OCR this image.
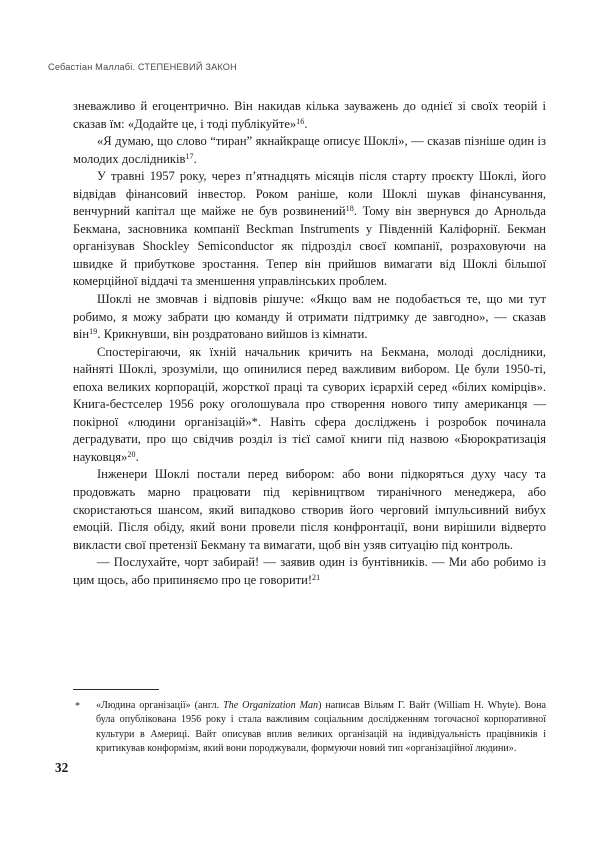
Себастіан Маллабі. СТЕПЕНЕВИЙ ЗАКОН

зневажливо й егоцентрично. Він накидав кілька зауважень до однієї зі своїх теорій і сказав їм: «Додайте це, і тоді публікуйте»$^{16}$.

«Я думаю, що слово “тиран” якнайкраще описує Шоклі», — сказав пізніше один із молодих дослідників$^{17}$.

У травні 1957 року, через п’ятнадцять місяців після старту проєкту Шоклі, його відвідав фінансовий інвестор. Роком раніше, коли Шоклі шукав фінансування, венчурний капітал ще майже не був розвинений$^{18}$. Тому він звернувся до Арнольда Бекмана, засновника компанії Beckman Instruments у Південній Каліфорнії. Бекман організував Shockley Semiconductor як підрозділ своєї компанії, розраховуючи на швидке й прибуткове зростання. Тепер він прийшов вимагати від Шоклі більшої комерційної віддачі та зменшення управлінських проблем.

Шоклі не змовчав і відповів рішуче: «Якщо вам не подобається те, що ми тут робимо, я можу забрати цю команду й отримати підтримку де завгодно», — сказав він$^{19}$. Крикнувши, він роздратовано вийшов із кімнати.

Спостерігаючи, як їхній начальник кричить на Бекмана, молоді дослідники, найняті Шоклі, зрозуміли, що опинилися перед важливим вибором. Це були 1950-ті, епоха великих корпорацій, жорсткої праці та суворих ієрархій серед «білих комірців». Книга-бестселер 1956 року оголошувала про створення нового типу американця — покірної «людини організацій»*. Навіть сфера досліджень і розробок починала деградувати, про що свідчив розділ із тієї самої книги під назвою «Бюрократизація науковця»$^{20}$.

Інженери Шоклі постали перед вибором: або вони підкоряться духу часу та продовжать марно працювати під керівництвом тиранічного менеджера, або скористаються шансом, який випадково створив його черговий імпульсивний вибух емоцій. Після обіду, який вони провели після конфронтації, вони вирішили відверто викласти свої претензії Бекману та вимагати, щоб він узяв ситуацію під контроль.

— Послухайте, чорт забирай! — заявив один із бунтівників. — Ми або робимо із цим щось, або припиняємо про це говорити!$^{21}$

* «Людина організації» (англ. The Organization Man) написав Вільям Г. Вайт (William H. Whyte). Вона була опублікована 1956 року і стала важливим соціальним дослідженням тогочасної корпоративної культури в Америці. Вайт описував вплив великих організацій на індивідуальність працівників і критикував конформізм, який вони породжували, формуючи новий тип «організаційної людини».
32
